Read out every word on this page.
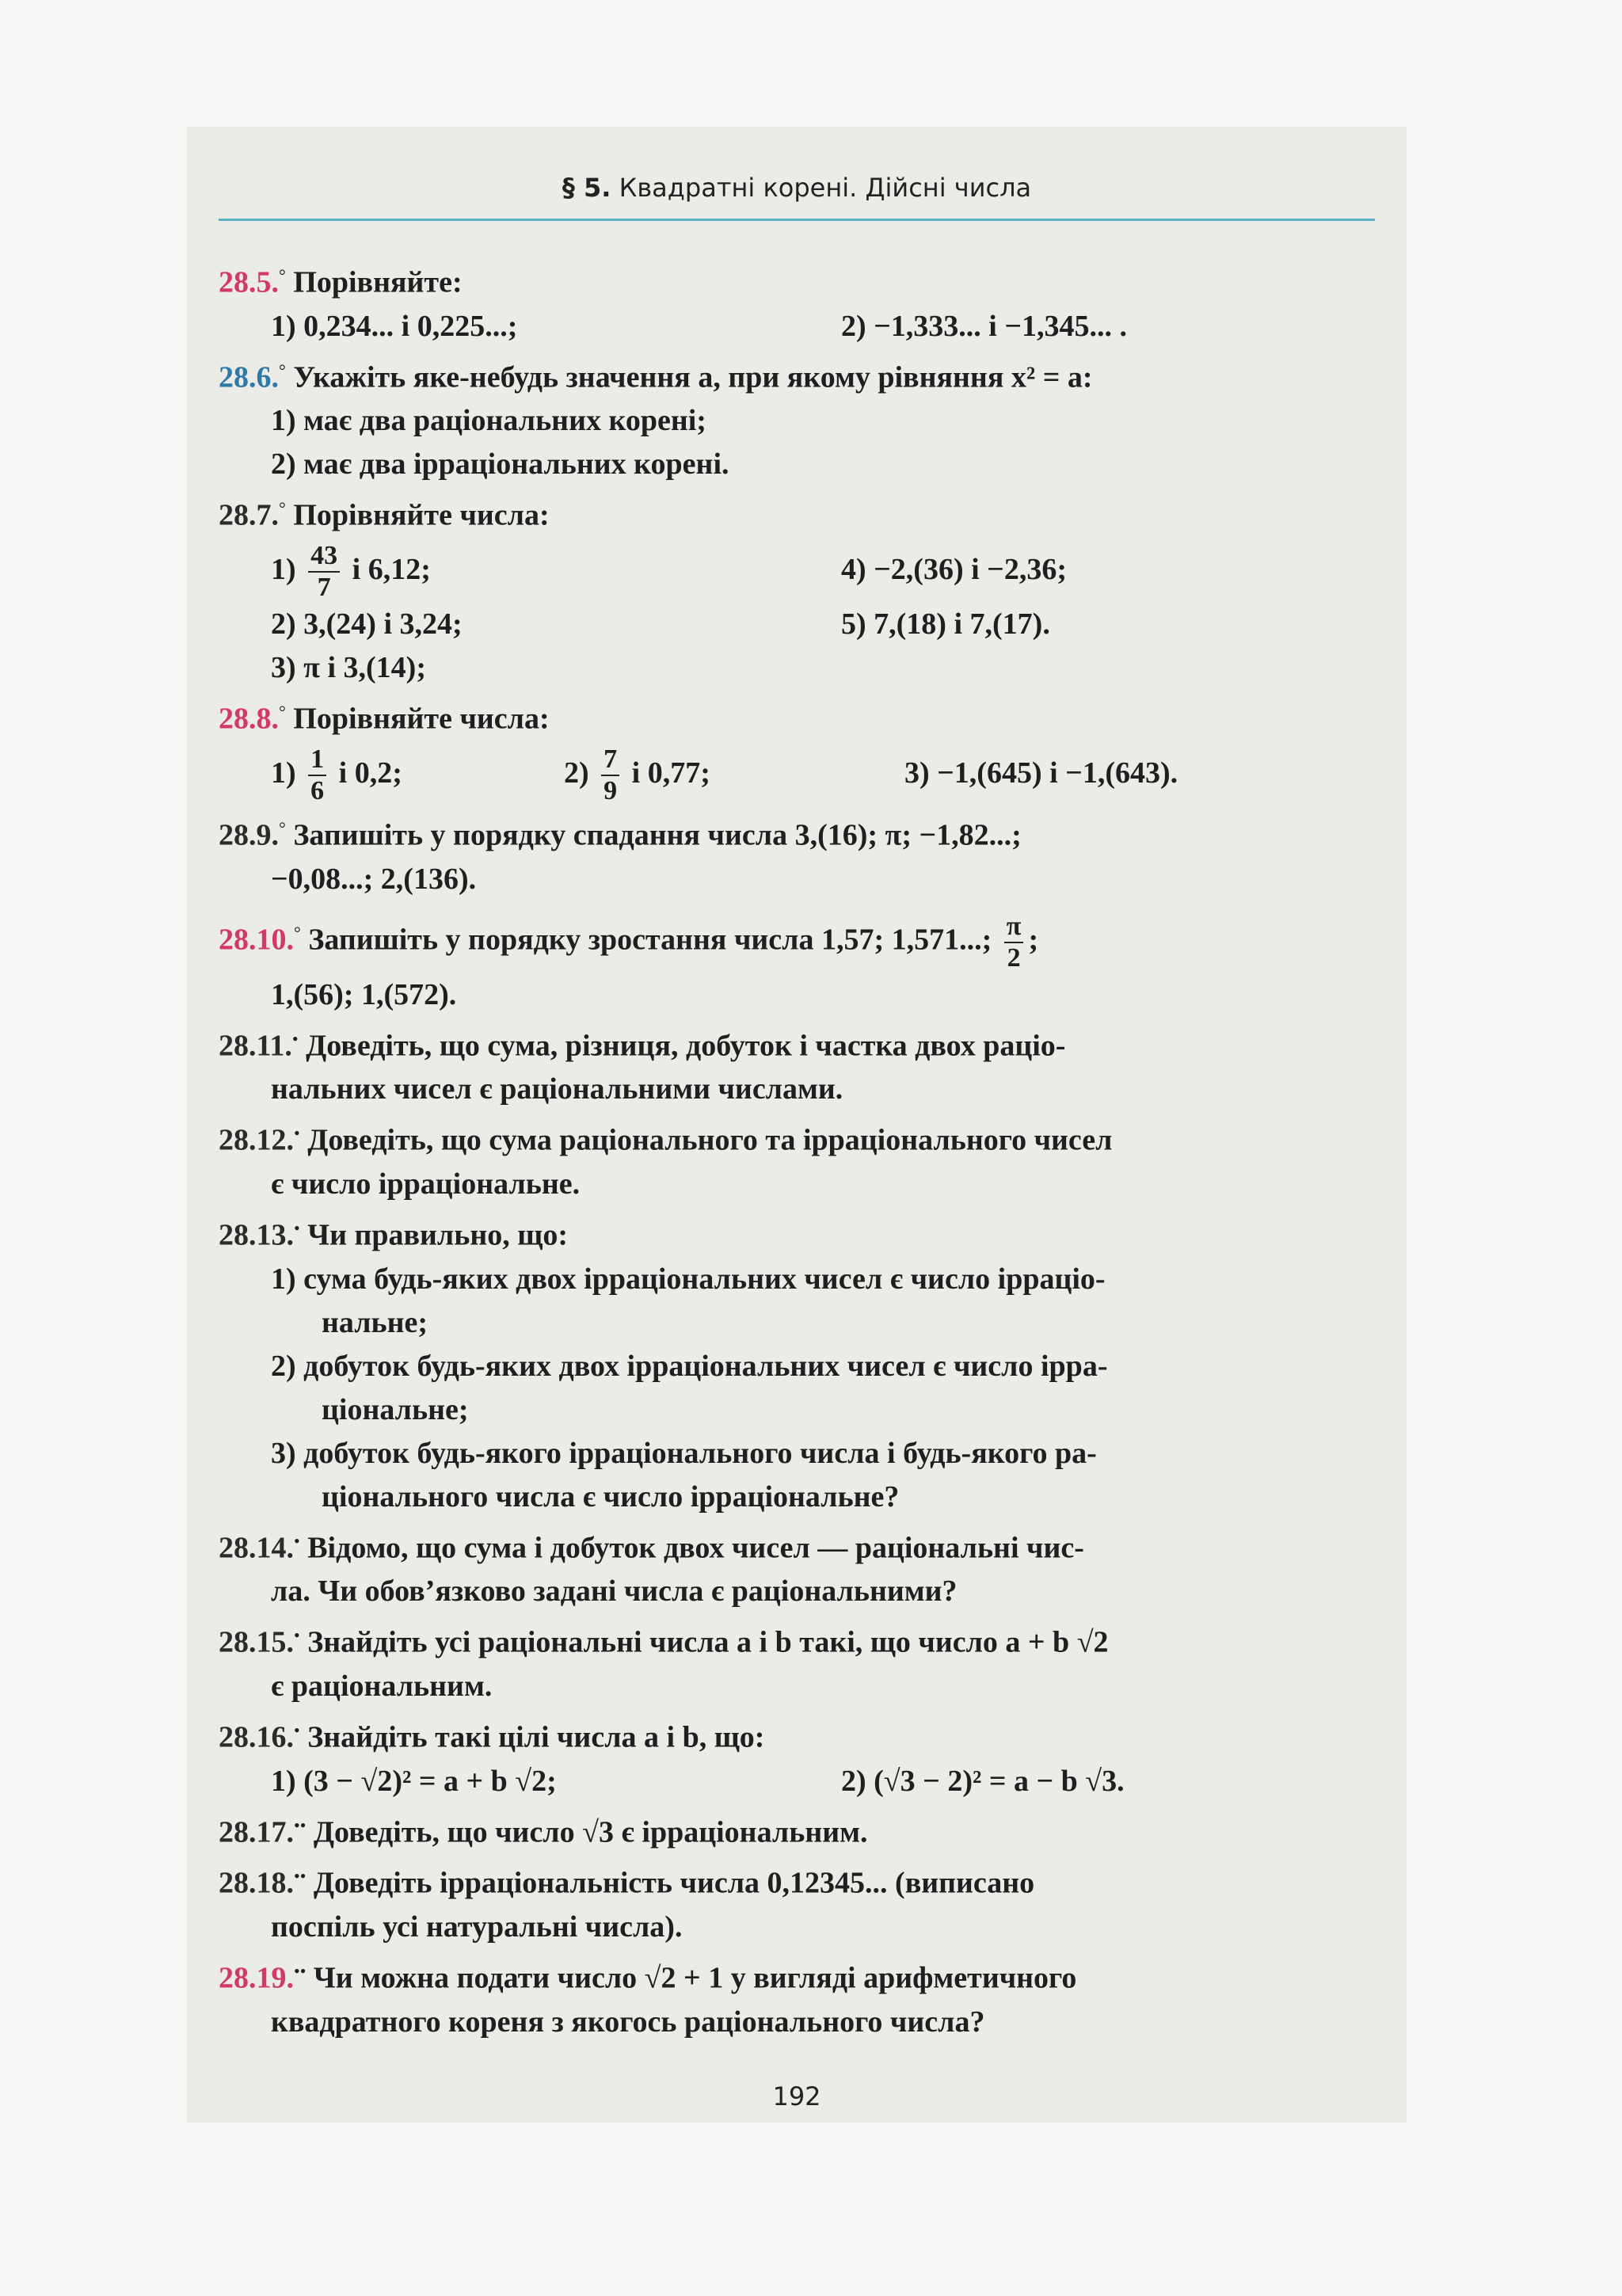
§ 5. Квадратні корені. Дійсні числа

28.5.° Порівняйте:

1) 0,234... і 0,225...;	2) −1,333... і −1,345... .

28.6.° Укажіть яке-небудь значення a, при якому рівняння x² = a:

1) має два раціональних корені;

2) має два ірраціональних корені.

28.7.° Порівняйте числа:

$1) \frac{43}{7}$ і 6,12;	4) −2,(36) і −2,36;
2) 3,(24) і 3,24;	5) 7,(18) і 7,(17).

3) π і 3,(14);

28.8.° Порівняйте числа:

$1) \frac{1}{6}$ і 0,2;	$2) \frac{7}{9}$ і 0,77;	3) −1,(645) і −1,(643).

28.9.° Запишіть у порядку спадання числа 3,(16); π; −1,82...;

−0,08...; 2,(136).

28.10.° Запишіть у порядку зростання числа 1,57; 1,571...; $\frac{\pi}{2}$ ;

1,(56); 1,(572).

28.11.• Доведіть, що сума, різниця, добуток і частка двох раціо-

нальних чисел є раціональними числами.

28.12.• Доведіть, що сума раціонального та ірраціонального чисел

є число ірраціональне.

28.13.• Чи правильно, що:

1) сума будь-яких двох ірраціональних чисел є число ірраціо-

нальне;

2) добуток будь-яких двох ірраціональних чисел є число ірра-

ціональне;

3) добуток будь-якого ірраціонального числа і будь-якого ра-

ціонального числа є число ірраціональне?

28.14.• Відомо, що сума і добуток двох чисел — раціональні чис-

ла. Чи обов’язково задані числа є раціональними?

28.15.• Знайдіть усі раціональні числа a і b такі, що число a + b √2

є раціональним.

28.16.• Знайдіть такі цілі числа a і b, що:

1) (3 − √2)² = a + b √2;	2) (√3 − 2)² = a − b √3.

28.17.•• Доведіть, що число √3 є ірраціональним.

28.18.•• Доведіть ірраціональність числа 0,12345... (виписано

поспіль усі натуральні числа).

28.19.•• Чи можна подати число √2 + 1 у вигляді арифметичного

квадратного кореня з якогось раціонального числа?

192
